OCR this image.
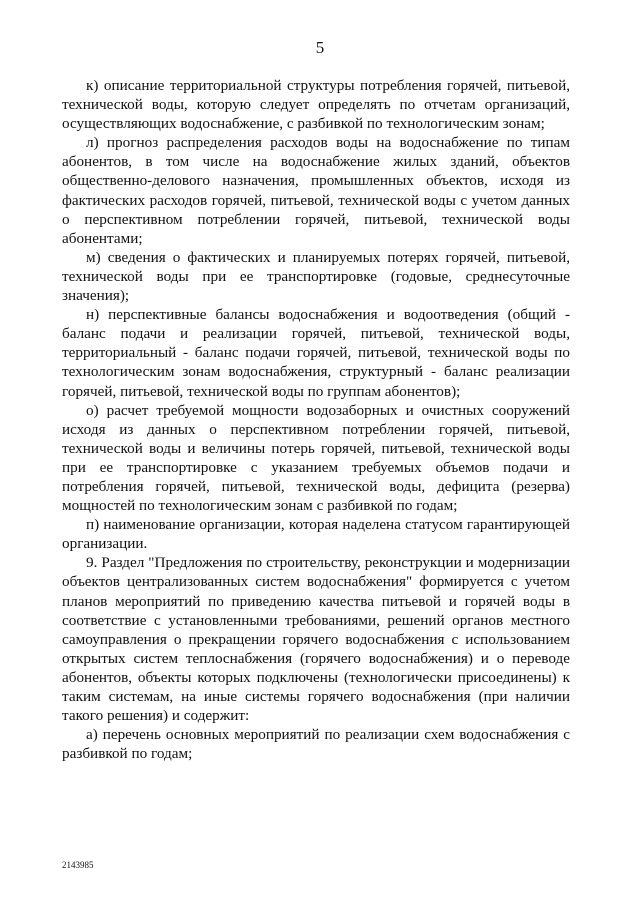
5

к) описание территориальной структуры потребления горячей, питьевой, технической воды, которую следует определять по отчетам организаций, осуществляющих водоснабжение, с разбивкой по технологическим зонам;

л) прогноз распределения расходов воды на водоснабжение по типам абонентов, в том числе на водоснабжение жилых зданий, объектов общественно-делового назначения, промышленных объектов, исходя из фактических расходов горячей, питьевой, технической воды с учетом данных о перспективном потреблении горячей, питьевой, технической воды абонентами;

м) сведения о фактических и планируемых потерях горячей, питьевой, технической воды при ее транспортировке (годовые, среднесуточные значения);

н) перспективные балансы водоснабжения и водоотведения (общий - баланс подачи и реализации горячей, питьевой, технической воды, территориальный - баланс подачи горячей, питьевой, технической воды по технологическим зонам водоснабжения, структурный - баланс реализации горячей, питьевой, технической воды по группам абонентов);

о) расчет требуемой мощности водозаборных и очистных сооружений исходя из данных о перспективном потреблении горячей, питьевой, технической воды и величины потерь горячей, питьевой, технической воды при ее транспортировке с указанием требуемых объемов подачи и потребления горячей, питьевой, технической воды, дефицита (резерва) мощностей по технологическим зонам с разбивкой по годам;

п) наименование организации, которая наделена статусом гарантирующей организации.

9. Раздел "Предложения по строительству, реконструкции и модернизации объектов централизованных систем водоснабжения" формируется с учетом планов мероприятий по приведению качества питьевой и горячей воды в соответствие с установленными требованиями, решений органов местного самоуправления о прекращении горячего водоснабжения с использованием открытых систем теплоснабжения (горячего водоснабжения) и о переводе абонентов, объекты которых подключены (технологически присоединены) к таким системам, на иные системы горячего водоснабжения (при наличии такого решения) и содержит:

а) перечень основных мероприятий по реализации схем водоснабжения с разбивкой по годам;

2143985
